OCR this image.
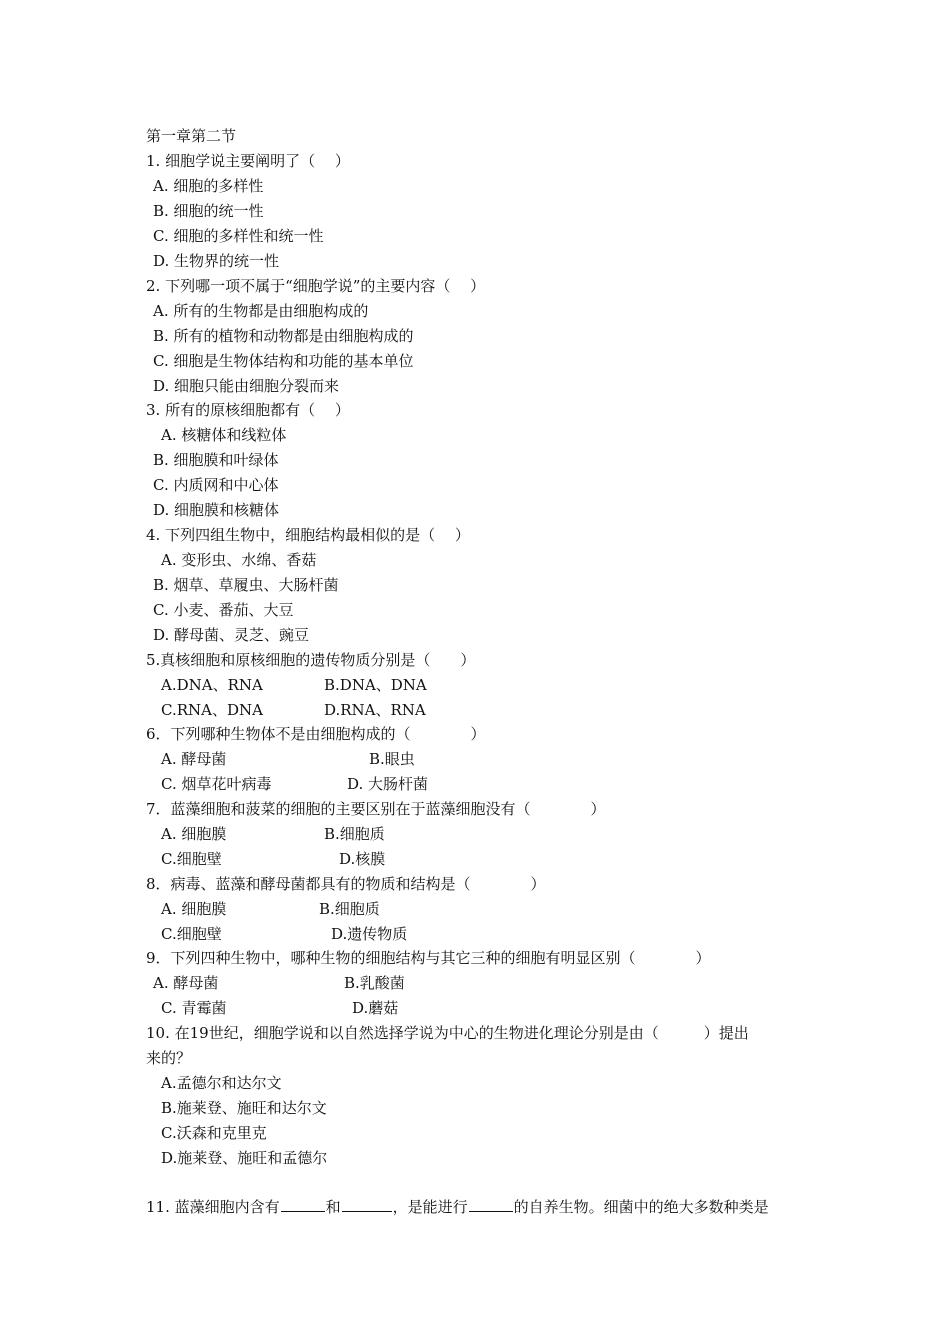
第一章第二节
1. 细胞学说主要阐明了（　 ）
A. 细胞的多样性
B. 细胞的统一性
C. 细胞的多样性和统一性
D. 生物界的统一性
2. 下列哪一项不属于“细胞学说”的主要内容（　 ）
A. 所有的生物都是由细胞构成的
B. 所有的植物和动物都是由细胞构成的
C. 细胞是生物体结构和功能的基本单位
D. 细胞只能由细胞分裂而来
3. 所有的原核细胞都有（　 ）
A. 核糖体和线粒体
B. 细胞膜和叶绿体
C. 内质网和中心体
D. 细胞膜和核糖体
4. 下列四组生物中，细胞结构最相似的是（　 ）
A. 变形虫、水绵、香菇
B. 烟草、草履虫、大肠杆菌
C. 小麦、番茄、大豆
D. 酵母菌、灵芝、豌豆
5.真核细胞和原核细胞的遗传物质分别是（　　）
A.DNA、RNA	B.DNA、DNA
C.RNA、DNA	D.RNA、RNA
6．下列哪种生物体不是由细胞构成的（　　　　）
A. 酵母菌	B.眼虫
C. 烟草花叶病毒	D. 大肠杆菌
7．蓝藻细胞和菠菜的细胞的主要区别在于蓝藻细胞没有（　　　　）
A. 细胞膜	B.细胞质
C.细胞壁	D.核膜
8．病毒、蓝藻和酵母菌都具有的物质和结构是（　　　　）
A. 细胞膜	B.细胞质
C.细胞壁	D.遗传物质
9．下列四种生物中，哪种生物的细胞结构与其它三种的细胞有明显区别（　　　　）
A. 酵母菌	B.乳酸菌
C. 青霉菌	D.蘑菇
10. 在19世纪，细胞学说和以自然选择学说为中心的生物进化理论分别是由（　　　）提出
来的？
A.孟德尔和达尔文
B.施莱登、施旺和达尔文
C.沃森和克里克
D.施莱登、施旺和孟德尔
11. 蓝藻细胞内含有	和	，是能进行	的自养生物。细菌中的绝大多数种类是
